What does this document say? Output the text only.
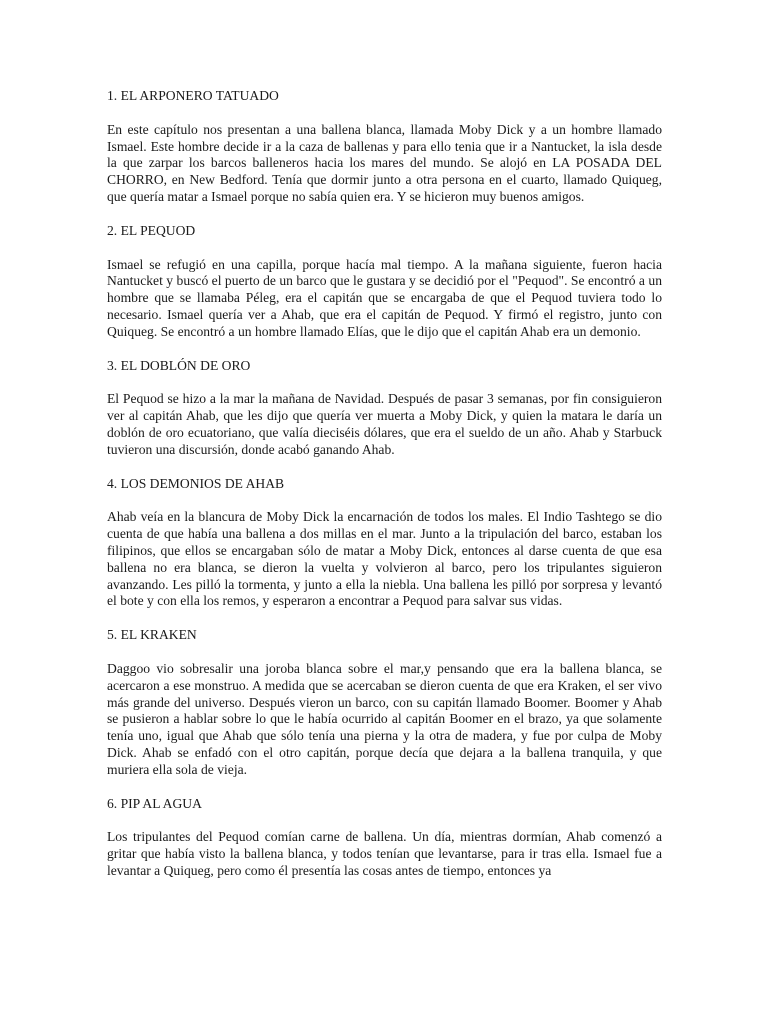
1. EL ARPONERO TATUADO

En este capítulo nos presentan a una ballena blanca, llamada Moby Dick y a un hombre llamado Ismael. Este hombre decide ir a la caza de ballenas y para ello tenia que ir a Nantucket, la isla desde la que zarpar los barcos balleneros hacia los mares del mundo. Se alojó en LA POSADA DEL CHORRO, en New Bedford. Tenía que dormir junto a otra persona en el cuarto, llamado Quiqueg, que quería matar a Ismael porque no sabía quien era. Y se hicieron muy buenos amigos.

2. EL PEQUOD

Ismael se refugió en una capilla, porque hacía mal tiempo. A la mañana siguiente, fueron hacia Nantucket y buscó el puerto de un barco que le gustara y se decidió por el "Pequod". Se encontró a un hombre que se llamaba Péleg, era el capitán que se encargaba de que el Pequod tuviera todo lo necesario. Ismael quería ver a Ahab, que era el capitán de Pequod. Y firmó el registro, junto con Quiqueg. Se encontró a un hombre llamado Elías, que le dijo que el capitán Ahab era un demonio.

3. EL DOBLÓN DE ORO

El Pequod se hizo a la mar la mañana de Navidad. Después de pasar 3 semanas, por fin consiguieron ver al capitán Ahab, que les dijo que quería ver muerta a Moby Dick, y quien la matara le daría un doblón de oro ecuatoriano, que valía dieciséis dólares, que era el sueldo de un año. Ahab y Starbuck tuvieron una discursión, donde acabó ganando Ahab.

4. LOS DEMONIOS DE AHAB

Ahab veía en la blancura de Moby Dick la encarnación de todos los males. El Indio Tashtego se dio cuenta de que había una ballena a dos millas en el mar. Junto a la tripulación del barco, estaban los filipinos, que ellos se encargaban sólo de matar a Moby Dick, entonces al darse cuenta de que esa ballena no era blanca, se dieron la vuelta y volvieron al barco, pero los tripulantes siguieron avanzando. Les pilló la tormenta, y junto a ella la niebla. Una ballena les pilló por sorpresa y levantó el bote y con ella los remos, y esperaron a encontrar a Pequod para salvar sus vidas.

5. EL KRAKEN

Daggoo vio sobresalir una joroba blanca sobre el mar,y pensando que era la ballena blanca, se acercaron a ese monstruo. A medida que se acercaban se dieron cuenta de que era Kraken, el ser vivo más grande del universo. Después vieron un barco, con su capitán llamado Boomer. Boomer y Ahab se pusieron a hablar sobre lo que le había ocurrido al capitán Boomer en el brazo, ya que solamente tenía uno, igual que Ahab que sólo tenía una pierna y la otra de madera, y fue por culpa de Moby Dick. Ahab se enfadó con el otro capitán, porque decía que dejara a la ballena tranquila, y que muriera ella sola de vieja.

6. PIP AL AGUA

Los tripulantes del Pequod comían carne de ballena. Un día, mientras dormían, Ahab comenzó a gritar que había visto la ballena blanca, y todos tenían que levantarse, para ir tras ella. Ismael fue a levantar a Quiqueg, pero como él presentía las cosas antes de tiempo, entonces ya
